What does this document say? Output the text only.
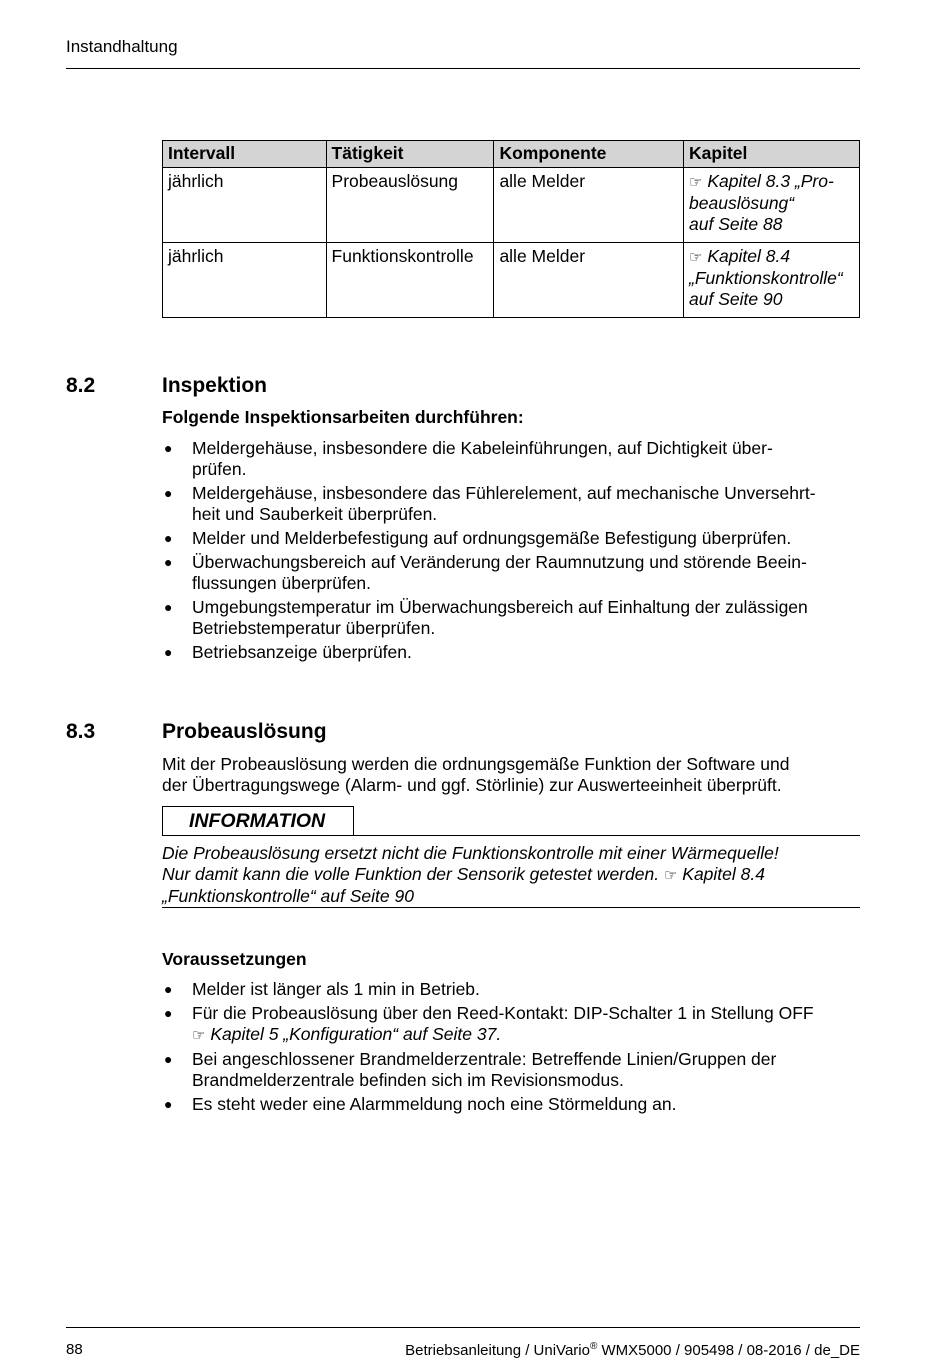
Instandhaltung
Intervall	Tätigkeit	Komponente	Kapitel
jährlich	Probeauslösung	alle Melder	☞ Kapitel 8.3 „Pro-
beauslösung“
auf Seite 88
jährlich	Funktionskontrolle	alle Melder	☞ Kapitel 8.4
„Funktionskontrolle“
auf Seite 90
8.2	Inspektion
Folgende Inspektionsarbeiten durchführen:
● Meldergehäuse, insbesondere die Kabeleinführungen, auf Dichtigkeit über-
prüfen.
● Meldergehäuse, insbesondere das Fühlerelement, auf mechanische Unversehrt-
heit und Sauberkeit überprüfen.
● Melder und Melderbefestigung auf ordnungsgemäße Befestigung überprüfen.
● Überwachungsbereich auf Veränderung der Raumnutzung und störende Beein-
flussungen überprüfen.
● Umgebungstemperatur im Überwachungsbereich auf Einhaltung der zulässigen
Betriebstemperatur überprüfen.
● Betriebsanzeige überprüfen.
8.3	Probeauslösung

Mit der Probeauslösung werden die ordnungsgemäße Funktion der Software und
der Übertragungswege (Alarm- und ggf. Störlinie) zur Auswerteeinheit überprüft.

INFORMATION
Die Probeauslösung ersetzt nicht die Funktionskontrolle mit einer Wärmequelle!
Nur damit kann die volle Funktion der Sensorik getestet werden. ☞ Kapitel 8.4
„Funktionskontrolle“ auf Seite 90
Voraussetzungen
● Melder ist länger als 1 min in Betrieb.
● Für die Probeauslösung über den Reed-Kontakt: DIP-Schalter 1 in Stellung OFF
☞ Kapitel 5 „Konfiguration“ auf Seite 37.
● Bei angeschlossener Brandmelderzentrale: Betreffende Linien/Gruppen der
Brandmelderzentrale befinden sich im Revisionsmodus.
● Es steht weder eine Alarmmeldung noch eine Störmeldung an.
88	Betriebsanleitung / UniVario® WMX5000 / 905498 / 08-2016 / de_DE
